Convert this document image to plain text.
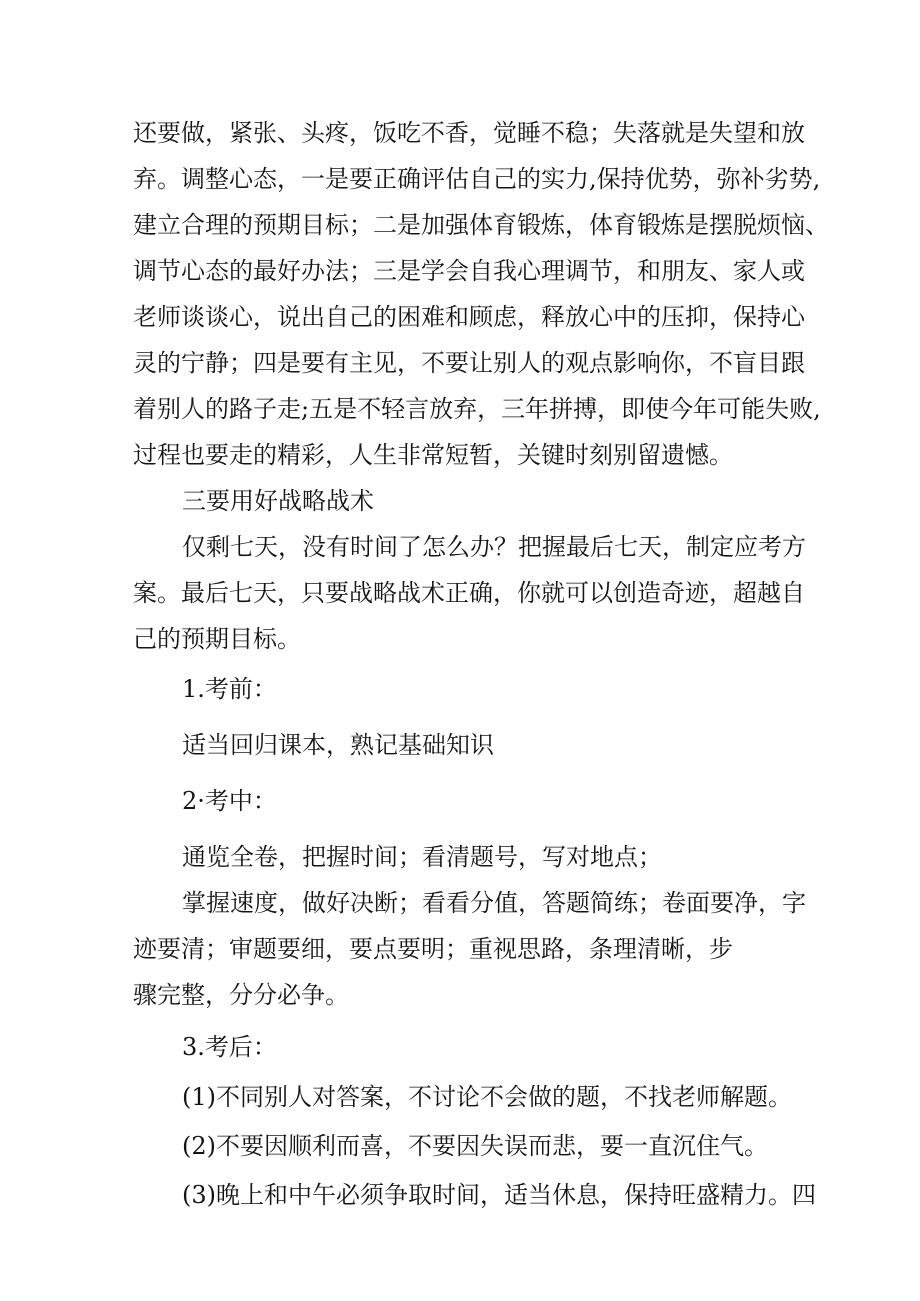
还要做，紧张、头疼，饭吃不香，觉睡不稳；失落就是失望和放
弃。调整心态，一是要正确评估自己的实力,保持优势，弥补劣势,
建立合理的预期目标；二是加强体育锻炼，体育锻炼是摆脱烦恼、
调节心态的最好办法；三是学会自我心理调节，和朋友、家人或
老师谈谈心，说出自己的困难和顾虑，释放心中的压抑，保持心
灵的宁静；四是要有主见，不要让别人的观点影响你，不盲目跟
着别人的路子走;五是不轻言放弃，三年拼搏，即使今年可能失败,
过程也要走的精彩，人生非常短暂，关键时刻别留遗憾。
三要用好战略战术
仅剩七天，没有时间了怎么办？把握最后七天，制定应考方
案。最后七天，只要战略战术正确，你就可以创造奇迹，超越自
己的预期目标。
1.考前：
适当回归课本，熟记基础知识
2·考中：
通览全卷，把握时间；看清题号，写对地点；
掌握速度，做好决断；看看分值，答题简练；卷面要净，字
迹要清；审题要细，要点要明；重视思路，条理清晰，步
骤完整，分分必争。
3.考后：
(1)不同别人对答案，不讨论不会做的题，不找老师解题。
(2)不要因顺利而喜，不要因失误而悲，要一直沉住气。
(3)晚上和中午必须争取时间，适当休息，保持旺盛精力。四
